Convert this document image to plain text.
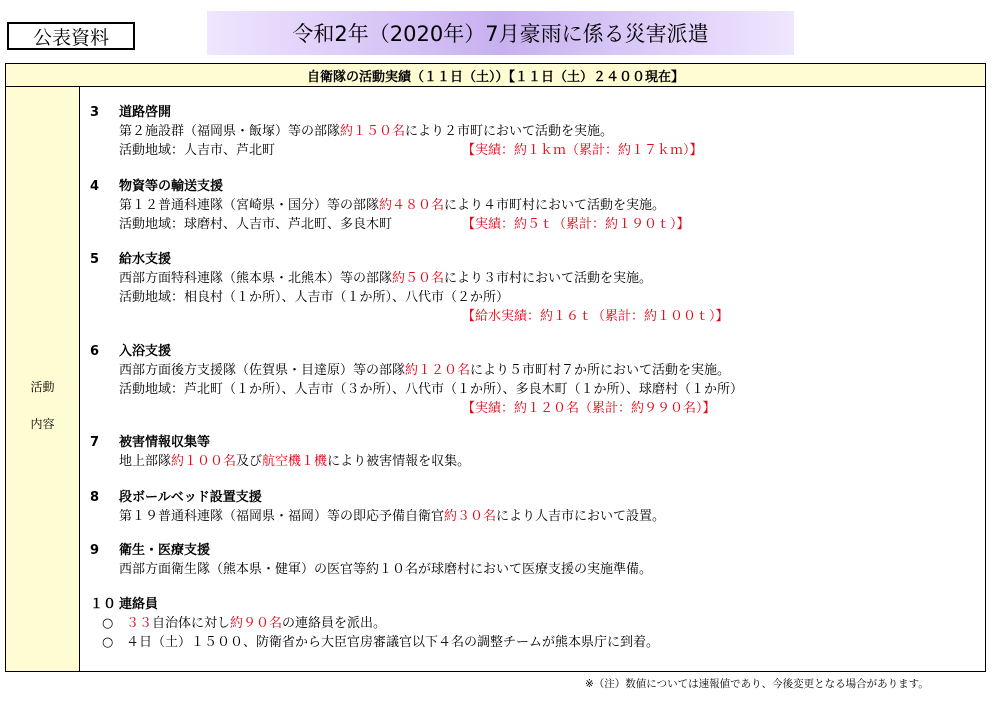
公表資料	令和2年（2020年）7月豪雨に係る災害派遣
自衛隊の活動実績（１１日（土））【１１日（土）２４００現在】
活動
内容
3 道路啓開
第２施設群（福岡県・飯塚）等の部隊約１５０名により２市町において活動を実施。
活動地域：人吉市、芦北町	【実績：約１ｋｍ（累計：約１７ｋｍ）】
4 物資等の輸送支援
第１２普通科連隊（宮崎県・国分）等の部隊約４８０名により４市町村において活動を実施。
活動地域：球磨村、人吉市、芦北町、多良木町	【実績：約５ｔ（累計：約１９０ｔ）】
5 給水支援
西部方面特科連隊（熊本県・北熊本）等の部隊約５０名により３市村において活動を実施。
活動地域：相良村（１か所）、人吉市（１か所）、八代市（２か所）
【給水実績：約１６ｔ（累計：約１００ｔ）】
6 入浴支援
西部方面後方支援隊（佐賀県・目達原）等の部隊約１２０名により５市町村７か所において活動を実施。
活動地域：芦北町（１か所）、人吉市（３か所）、八代市（１か所）、多良木町（１か所）、球磨村（１か所）
【実績：約１２０名（累計：約９９０名）】
7 被害情報収集等
地上部隊約１００名及び航空機１機により被害情報を収集。
8 段ボールベッド設置支援
第１９普通科連隊（福岡県・福岡）等の即応予備自衛官約３０名により人吉市において設置。
9 衛生・医療支援
西部方面衛生隊（熊本県・健軍）の医官等約１０名が球磨村において医療支援の実施準備。
１０ 連絡員
○ ３３自治体に対し約９０名の連絡員を派出。
○ ４日（土）１５００、防衛省から大臣官房審議官以下４名の調整チームが熊本県庁に到着。
※（注）数値については速報値であり、今後変更となる場合があります。
